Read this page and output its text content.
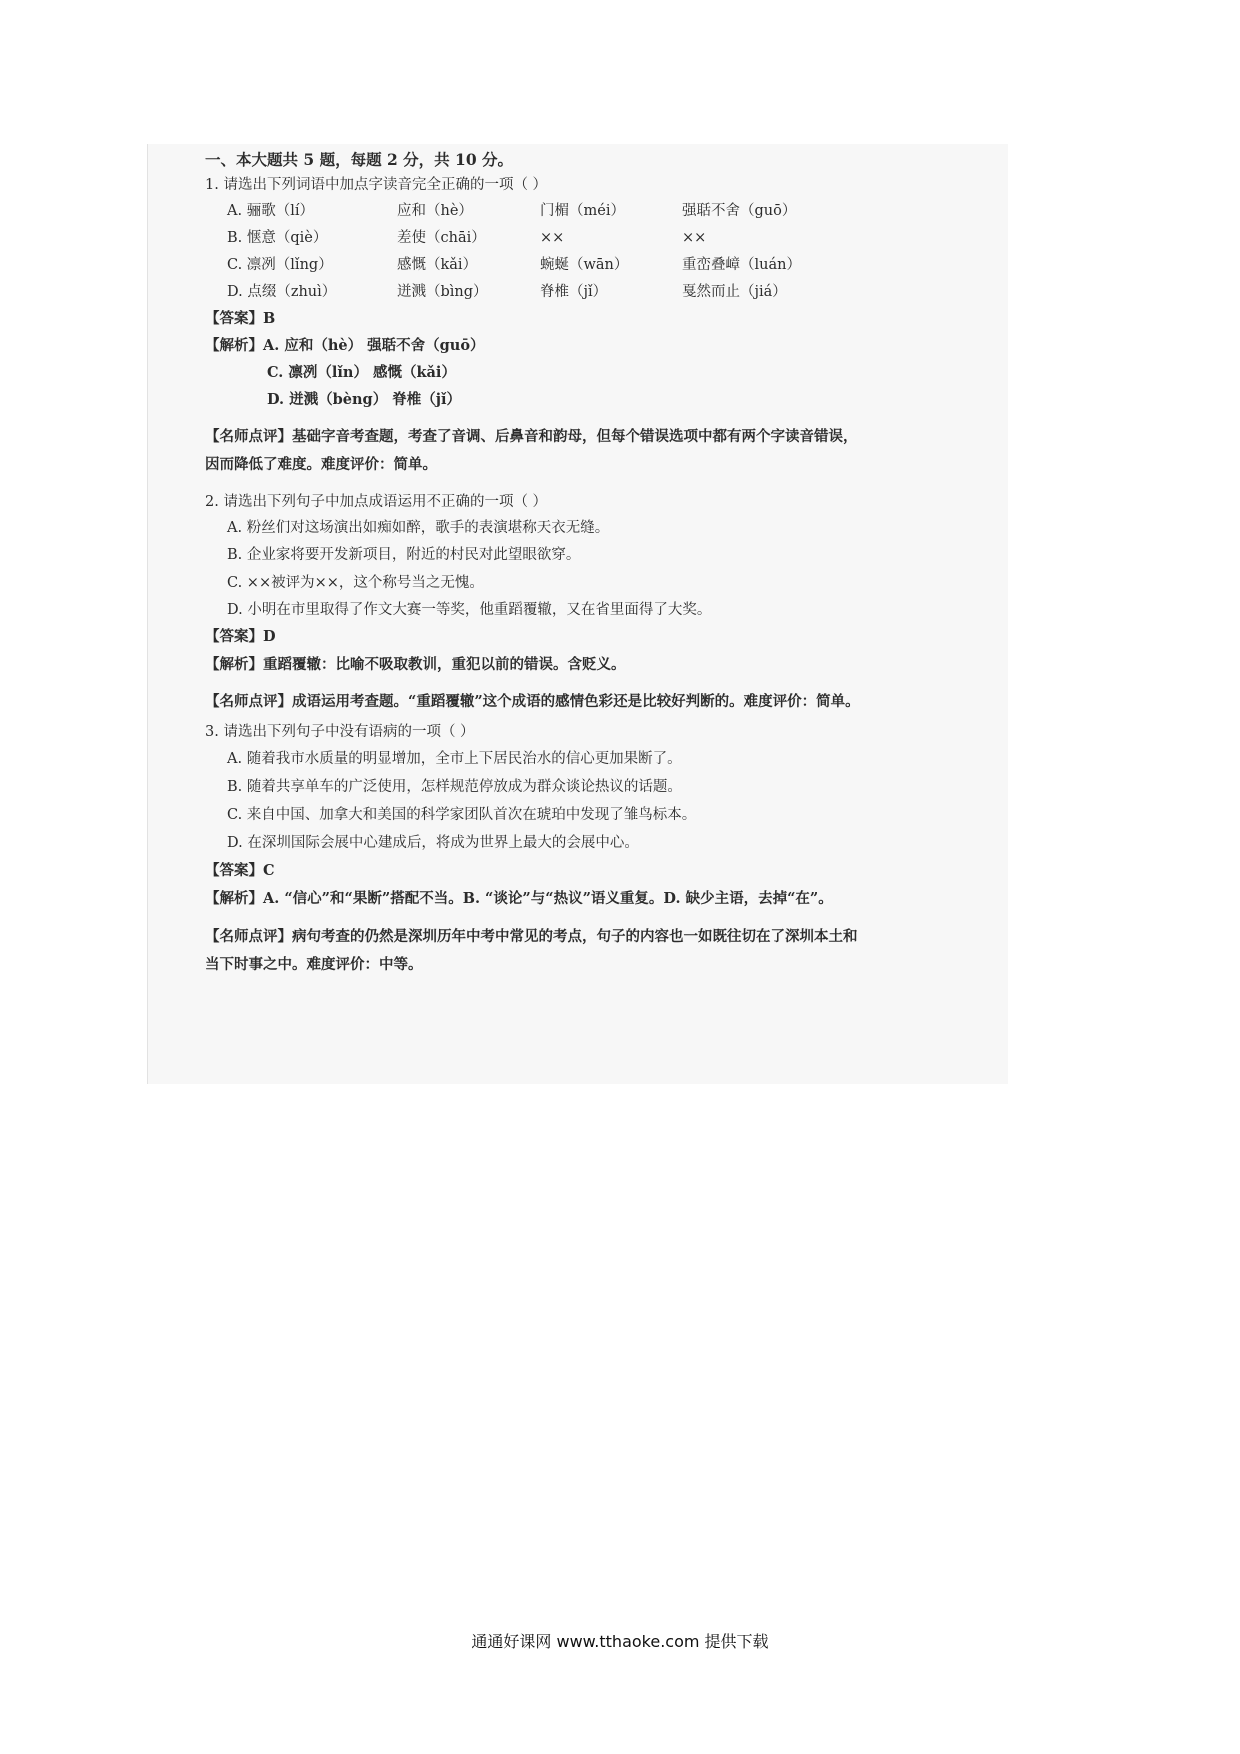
一、本大题共 5 题，每题 2 分，共 10 分。
1. 请选出下列词语中加点字读音完全正确的一项（ ）
A. 骊歌（lí）	应和（hè）	门楣（méi）	强聒不舍（guō）
B. 惬意（qiè）	差使（chāi）	××	××
C. 凛冽（lǐng）	感慨（kǎi）	蜿蜒（wān）	重峦叠嶂（luán）
D. 点缀（zhuì）	迸溅（bìng）	脊椎（jǐ）	戛然而止（jiá）
【答案】B
【解析】A. 应和（hè） 强聒不舍（guō）
C. 凛冽（lǐn） 感慨（kǎi）
D. 迸溅（bèng） 脊椎（jǐ）
【名师点评】基础字音考查题，考查了音调、后鼻音和韵母，但每个错误选项中都有两个字读音错误，
因而降低了难度。难度评价：简单。
2. 请选出下列句子中加点成语运用不正确的一项（ ）
A. 粉丝们对这场演出如痴如醉，歌手的表演堪称天衣无缝。
B. 企业家将要开发新项目，附近的村民对此望眼欲穿。
C. ××被评为××，这个称号当之无愧。
D. 小明在市里取得了作文大赛一等奖，他重蹈覆辙，又在省里面得了大奖。
【答案】D
【解析】重蹈覆辙：比喻不吸取教训，重犯以前的错误。含贬义。
【名师点评】成语运用考查题。“重蹈覆辙”这个成语的感情色彩还是比较好判断的。难度评价：简单。
3. 请选出下列句子中没有语病的一项（ ）
A. 随着我市水质量的明显增加，全市上下居民治水的信心更加果断了。
B. 随着共享单车的广泛使用，怎样规范停放成为群众谈论热议的话题。
C. 来自中国、加拿大和美国的科学家团队首次在琥珀中发现了雏鸟标本。
D. 在深圳国际会展中心建成后，将成为世界上最大的会展中心。
【答案】C
【解析】A. “信心”和“果断”搭配不当。B. “谈论”与“热议”语义重复。D. 缺少主语，去掉“在”。
【名师点评】病句考查的仍然是深圳历年中考中常见的考点，句子的内容也一如既往切在了深圳本土和
当下时事之中。难度评价：中等。
通通好课网 www.tthaoke.com 提供下载
